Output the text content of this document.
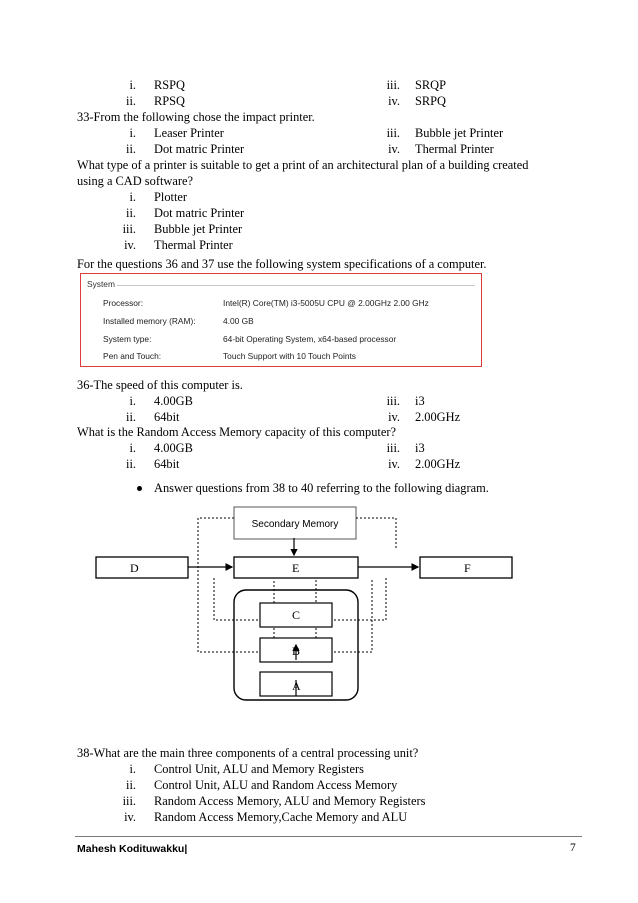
i. RSPQ	iii. SRQP
ii. RPSQ	iv. SRPQ
33-From the following chose the impact printer.
i. Leaser Printer	iii. Bubble jet Printer
ii. Dot matric Printer	iv. Thermal Printer
What type of a printer is suitable to get a print of an architectural plan of a building created
using a CAD software?
i. Plotter
ii. Dot matric Printer
iii. Bubble jet Printer
iv. Thermal Printer
For the questions 36 and 37 use the following system specifications of a computer.
System
Processor:	Intel(R) Core(TM) i3-5005U CPU @ 2.00GHz 2.00 GHz
Installed memory (RAM):	4.00 GB
System type:	64-bit Operating System, x64-based processor
Pen and Touch:	Touch Support with 10 Touch Points
36-The speed of this computer is.
i. 4.00GB	iii. i3
ii. 64bit	iv. 2.00GHz
What is the Random Access Memory capacity of this computer?
i. 4.00GB	iii. i3
ii. 64bit	iv. 2.00GHz
Answer questions from 38 to 40 referring to the following diagram.
Secondary Memory
D	E	F
C
B
A
38-What are the main three components of a central processing unit?
i. Control Unit, ALU and Memory Registers
ii. Control Unit, ALU and Random Access Memory
iii. Random Access Memory, ALU and Memory Registers
iv. Random Access Memory,Cache Memory and ALU
Mahesh Kodituwakku|	7
